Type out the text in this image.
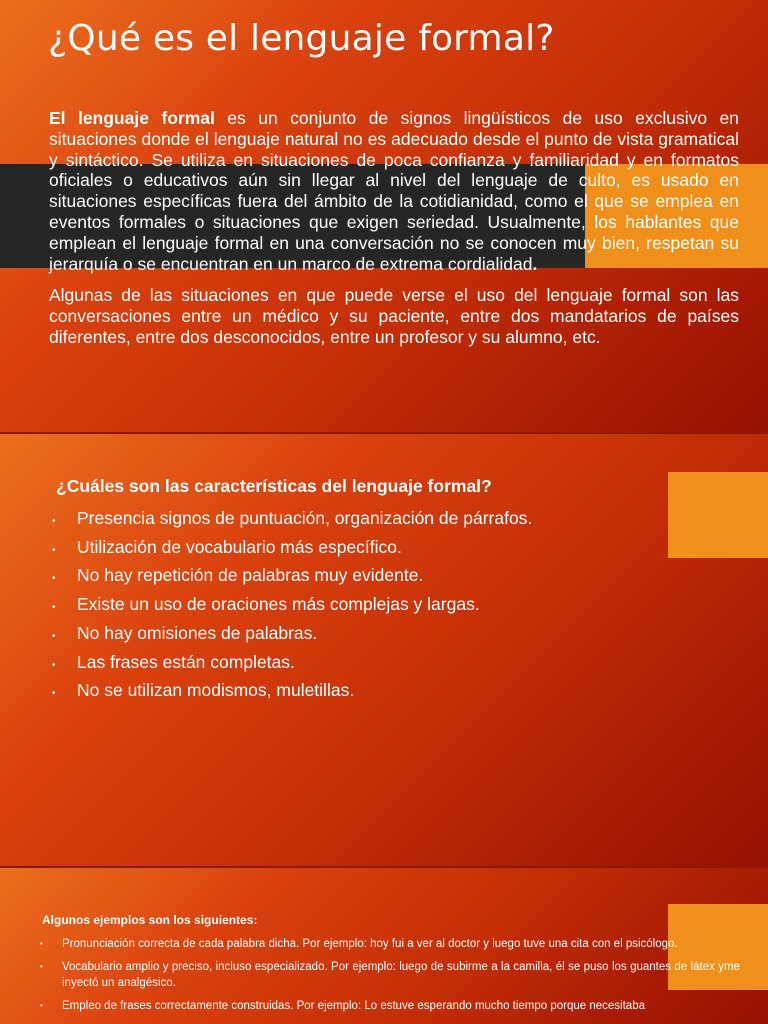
¿Qué es el lenguaje formal?

El lenguaje formal es un conjunto de signos lingüísticos de uso exclusivo en situaciones donde el lenguaje natural no es adecuado desde el punto de vista gramatical y sintáctico. Se utiliza en situaciones de poca confianza y familiaridad y en formatos oficiales o educativos aún sin llegar al nivel del lenguaje de culto, es usado en situaciones específicas fuera del ámbito de la cotidianidad, como el que se emplea en eventos formales o situaciones que exigen seriedad. Usualmente, los hablantes que emplean el lenguaje formal en una conversación no se conocen muy bien, respetan su jerarquía o se encuentran en un marco de extrema cordialidad.

Algunas de las situaciones en que puede verse el uso del lenguaje formal son las conversaciones entre un médico y su paciente, entre dos mandatarios de países diferentes, entre dos desconocidos, entre un profesor y su alumno, etc.

¿Cuáles son las características del lenguaje formal?
•	Presencia signos de puntuación, organización de párrafos.
•	Utilización de vocabulario más específico.
•	No hay repetición de palabras muy evidente.
•	Existe un uso de oraciones más complejas y largas.
•	No hay omisiones de palabras.
•	Las frases están completas.
•	No se utilizan modismos, muletillas.
Algunos ejemplos son los siguientes:
•	Pronunciación correcta de cada palabra dicha. Por ejemplo: hoy fui a ver al doctor y luego tuve una cita con el psicólogo.
•	Vocabulario amplio y preciso, incluso especializado. Por ejemplo: luego de subirme a la camilla, él se puso los guantes de látex yme inyectó un analgésico.
•	Empleo de frases correctamente construidas. Por ejemplo: Lo estuve esperando mucho tiempo porque necesitaba
